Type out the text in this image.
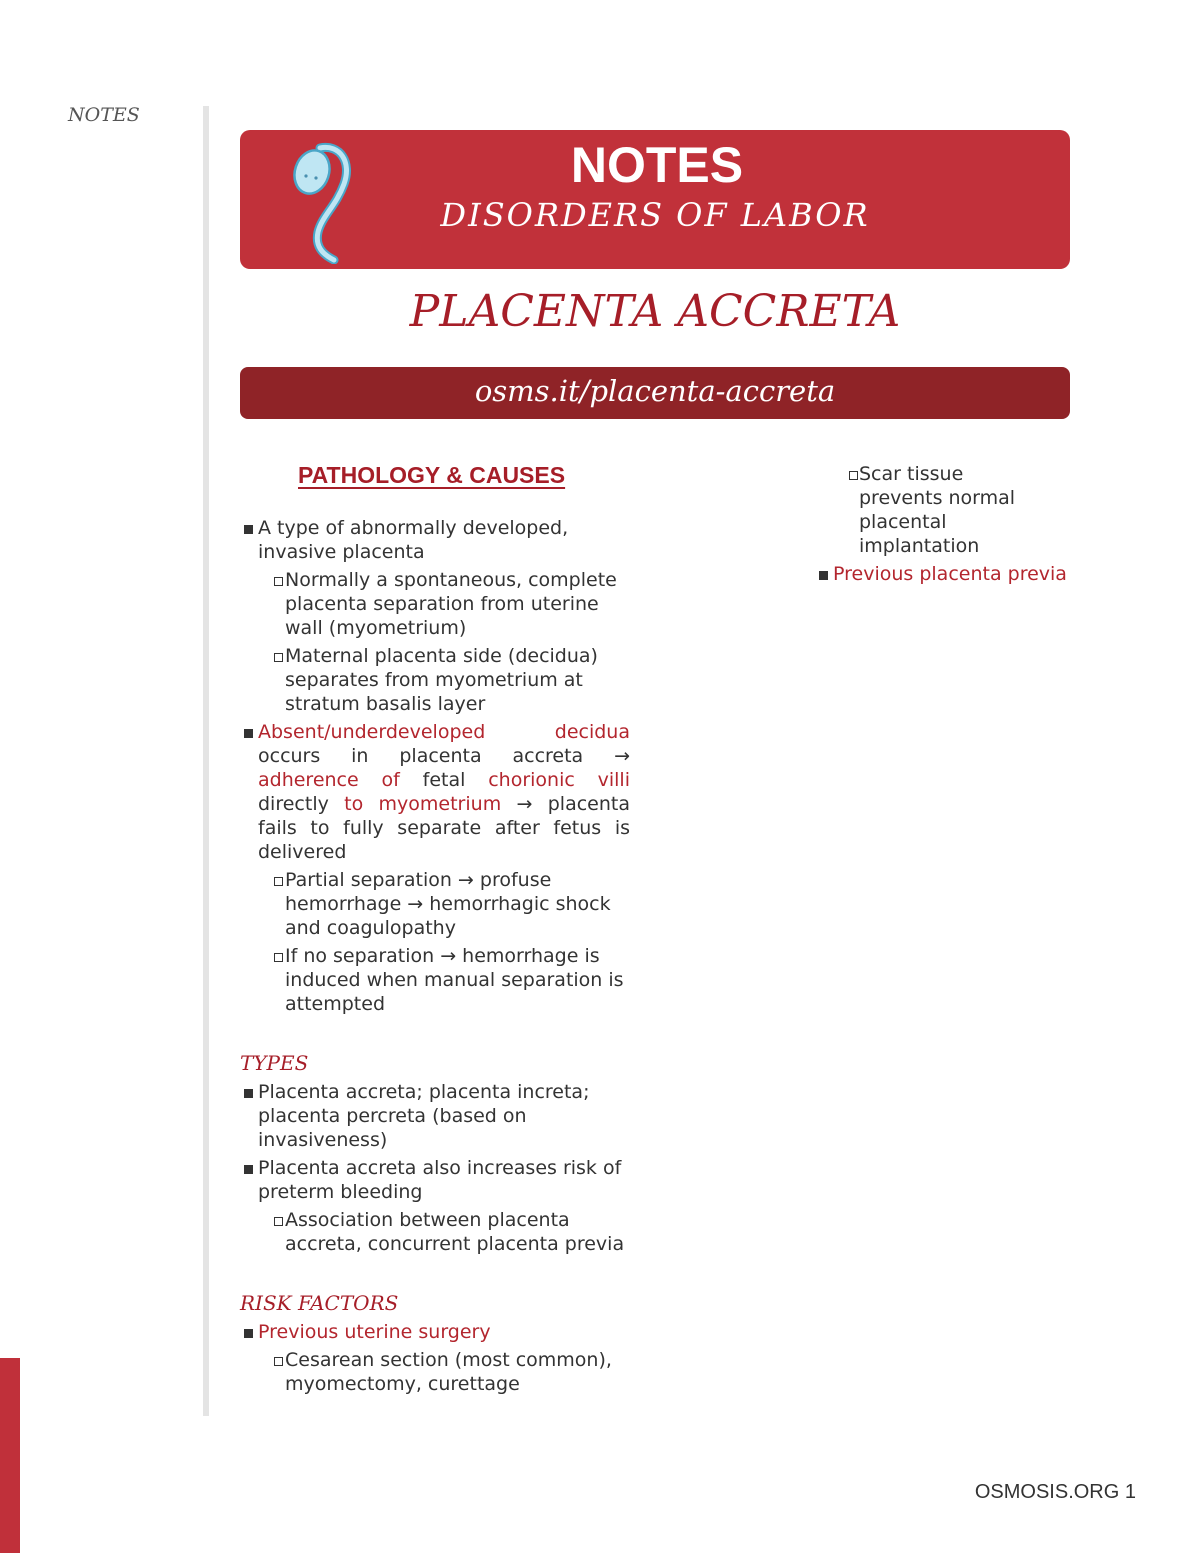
NOTES
NOTES
DISORDERS OF LABOR
PLACENTA ACCRETA
osms.it/placenta-accreta
PATHOLOGY & CAUSES
A type of abnormally developed, invasive placenta
Normally a spontaneous, complete placenta separation from uterine wall (myometrium)
Maternal placenta side (decidua) separates from myometrium at stratum basalis layer
Absent/underdeveloped decidua occurs in placenta accreta → adherence of fetal chorionic villi directly to myometrium → placenta fails to fully separate after fetus is delivered
Partial separation → profuse hemorrhage → hemorrhagic shock and coagulopathy
If no separation → hemorrhage is induced when manual separation is attempted
TYPES
Placenta accreta; placenta increta; placenta percreta (based on invasiveness)
Placenta accreta also increases risk of preterm bleeding
Association between placenta accreta, concurrent placenta previa
RISK FACTORS
Previous uterine surgery
Cesarean section (most common), myomectomy, curettage
Scar tissue prevents normal placental implantation
Previous placenta previa
OSMOSIS.ORG 1
